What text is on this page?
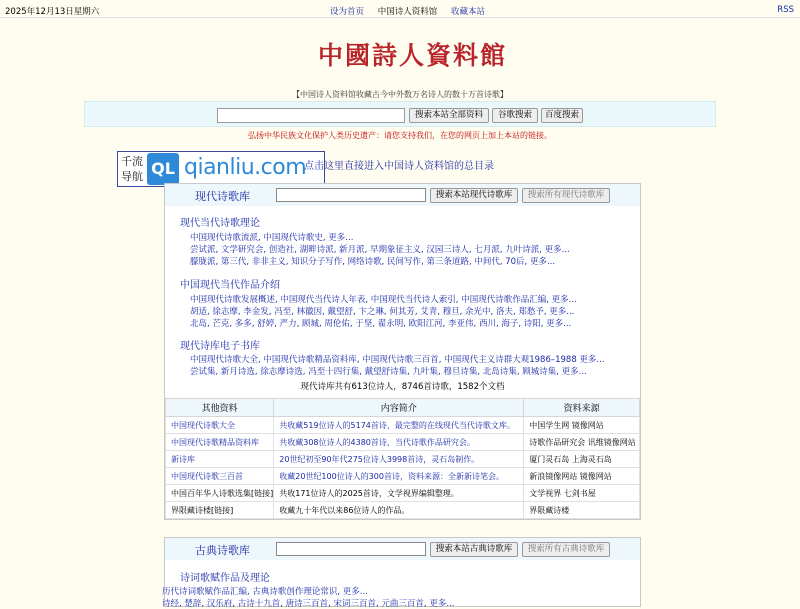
2025年12月13日星期六	设为首页 中国诗人资料馆 收藏本站	RSS
中國詩人資料館
【中国诗人资料馆收藏古今中外数万名诗人的数十万首诗歌】
搜索本站全部资料	谷歌搜索	百度搜索
弘扬中华民族文化保护人类历史遗产：请您支持我们，在您的网页上加上本站的链接。
千流
导航 QL qianliu.com
点击这里直接进入中国诗人资料馆的总目录
现代诗歌库	搜索本站现代诗歌库	搜索所有现代诗歌库
现代当代诗歌理论
中国现代诗歌流派, 中国现代诗歌史, 更多...
尝试派, 文学研究会, 创造社, 湖畔诗派, 新月派, 早期象征主义, 汉园三诗人, 七月派, 九叶诗派, 更多...
朦胧派, 第三代, 非非主义, 知识分子写作, 网络诗歌, 民间写作, 第三条道路, 中间代, 70后, 更多...
中国现代当代作品介绍
中国现代诗歌发展概述, 中国现代当代诗人年表, 中国现代当代诗人索引, 中国现代诗歌作品汇编, 更多...
胡适, 徐志摩, 李金发, 冯至, 林徽因, 戴望舒, 卞之琳, 何其芳, 艾青, 穆旦, 余光中, 洛夫, 郑愁予, 更多...
北岛, 芒克, 多多, 舒婷, 严力, 顾城, 周伦佑, 于坚, 翟永明, 欧阳江河, 李亚伟, 西川, 海子, 诗阳, 更多...
现代诗库电子书库
中国现代诗歌大全, 中国现代诗歌精品资料库, 中国现代诗歌三百首, 中国现代主义诗群大观1986–1988 更多...
尝试集, 新月诗选, 徐志摩诗选, 冯至十四行集, 戴望舒诗集, 九叶集, 穆旦诗集, 北岛诗集, 顾城诗集, 更多...
现代诗库共有613位诗人，8746首诗歌，1582个文档
其他资料	内容简介	资料来源
中国现代诗歌大全	共收藏519位诗人的5174首诗，最完整的在线现代当代诗歌文库。	中国学生网 镜像网站
中国现代诗歌精品资料库	共收藏308位诗人的4380首诗，当代诗歌作品研究会。	诗歌作品研究会 讯维镜像网站
新诗库	20世纪初至90年代275位诗人3998首诗，灵石岛制作。	厦门灵石岛 上海灵石岛
中国现代诗歌三百首	收藏20世纪100位诗人的300首诗，资料来源：全新新诗笔会。	新浪镜像网站 镜像网站
中国百年华人诗歌选集[链接]	共收171位诗人的2025首诗，文学视界编辑整理。	文学视界 七剑书屋
界限藏诗楼[链接]	收藏九十年代以来86位诗人的作品。	界限藏诗楼
古典诗歌库	搜索本站古典诗歌库	搜索所有古典诗歌库
诗词歌赋作品及理论
历代诗词歌赋作品汇编, 古典诗歌创作理论常识, 更多...
诗经, 楚辞, 汉乐府, 古诗十九首, 唐诗三百首, 宋词三百首, 元曲三百首, 更多...
